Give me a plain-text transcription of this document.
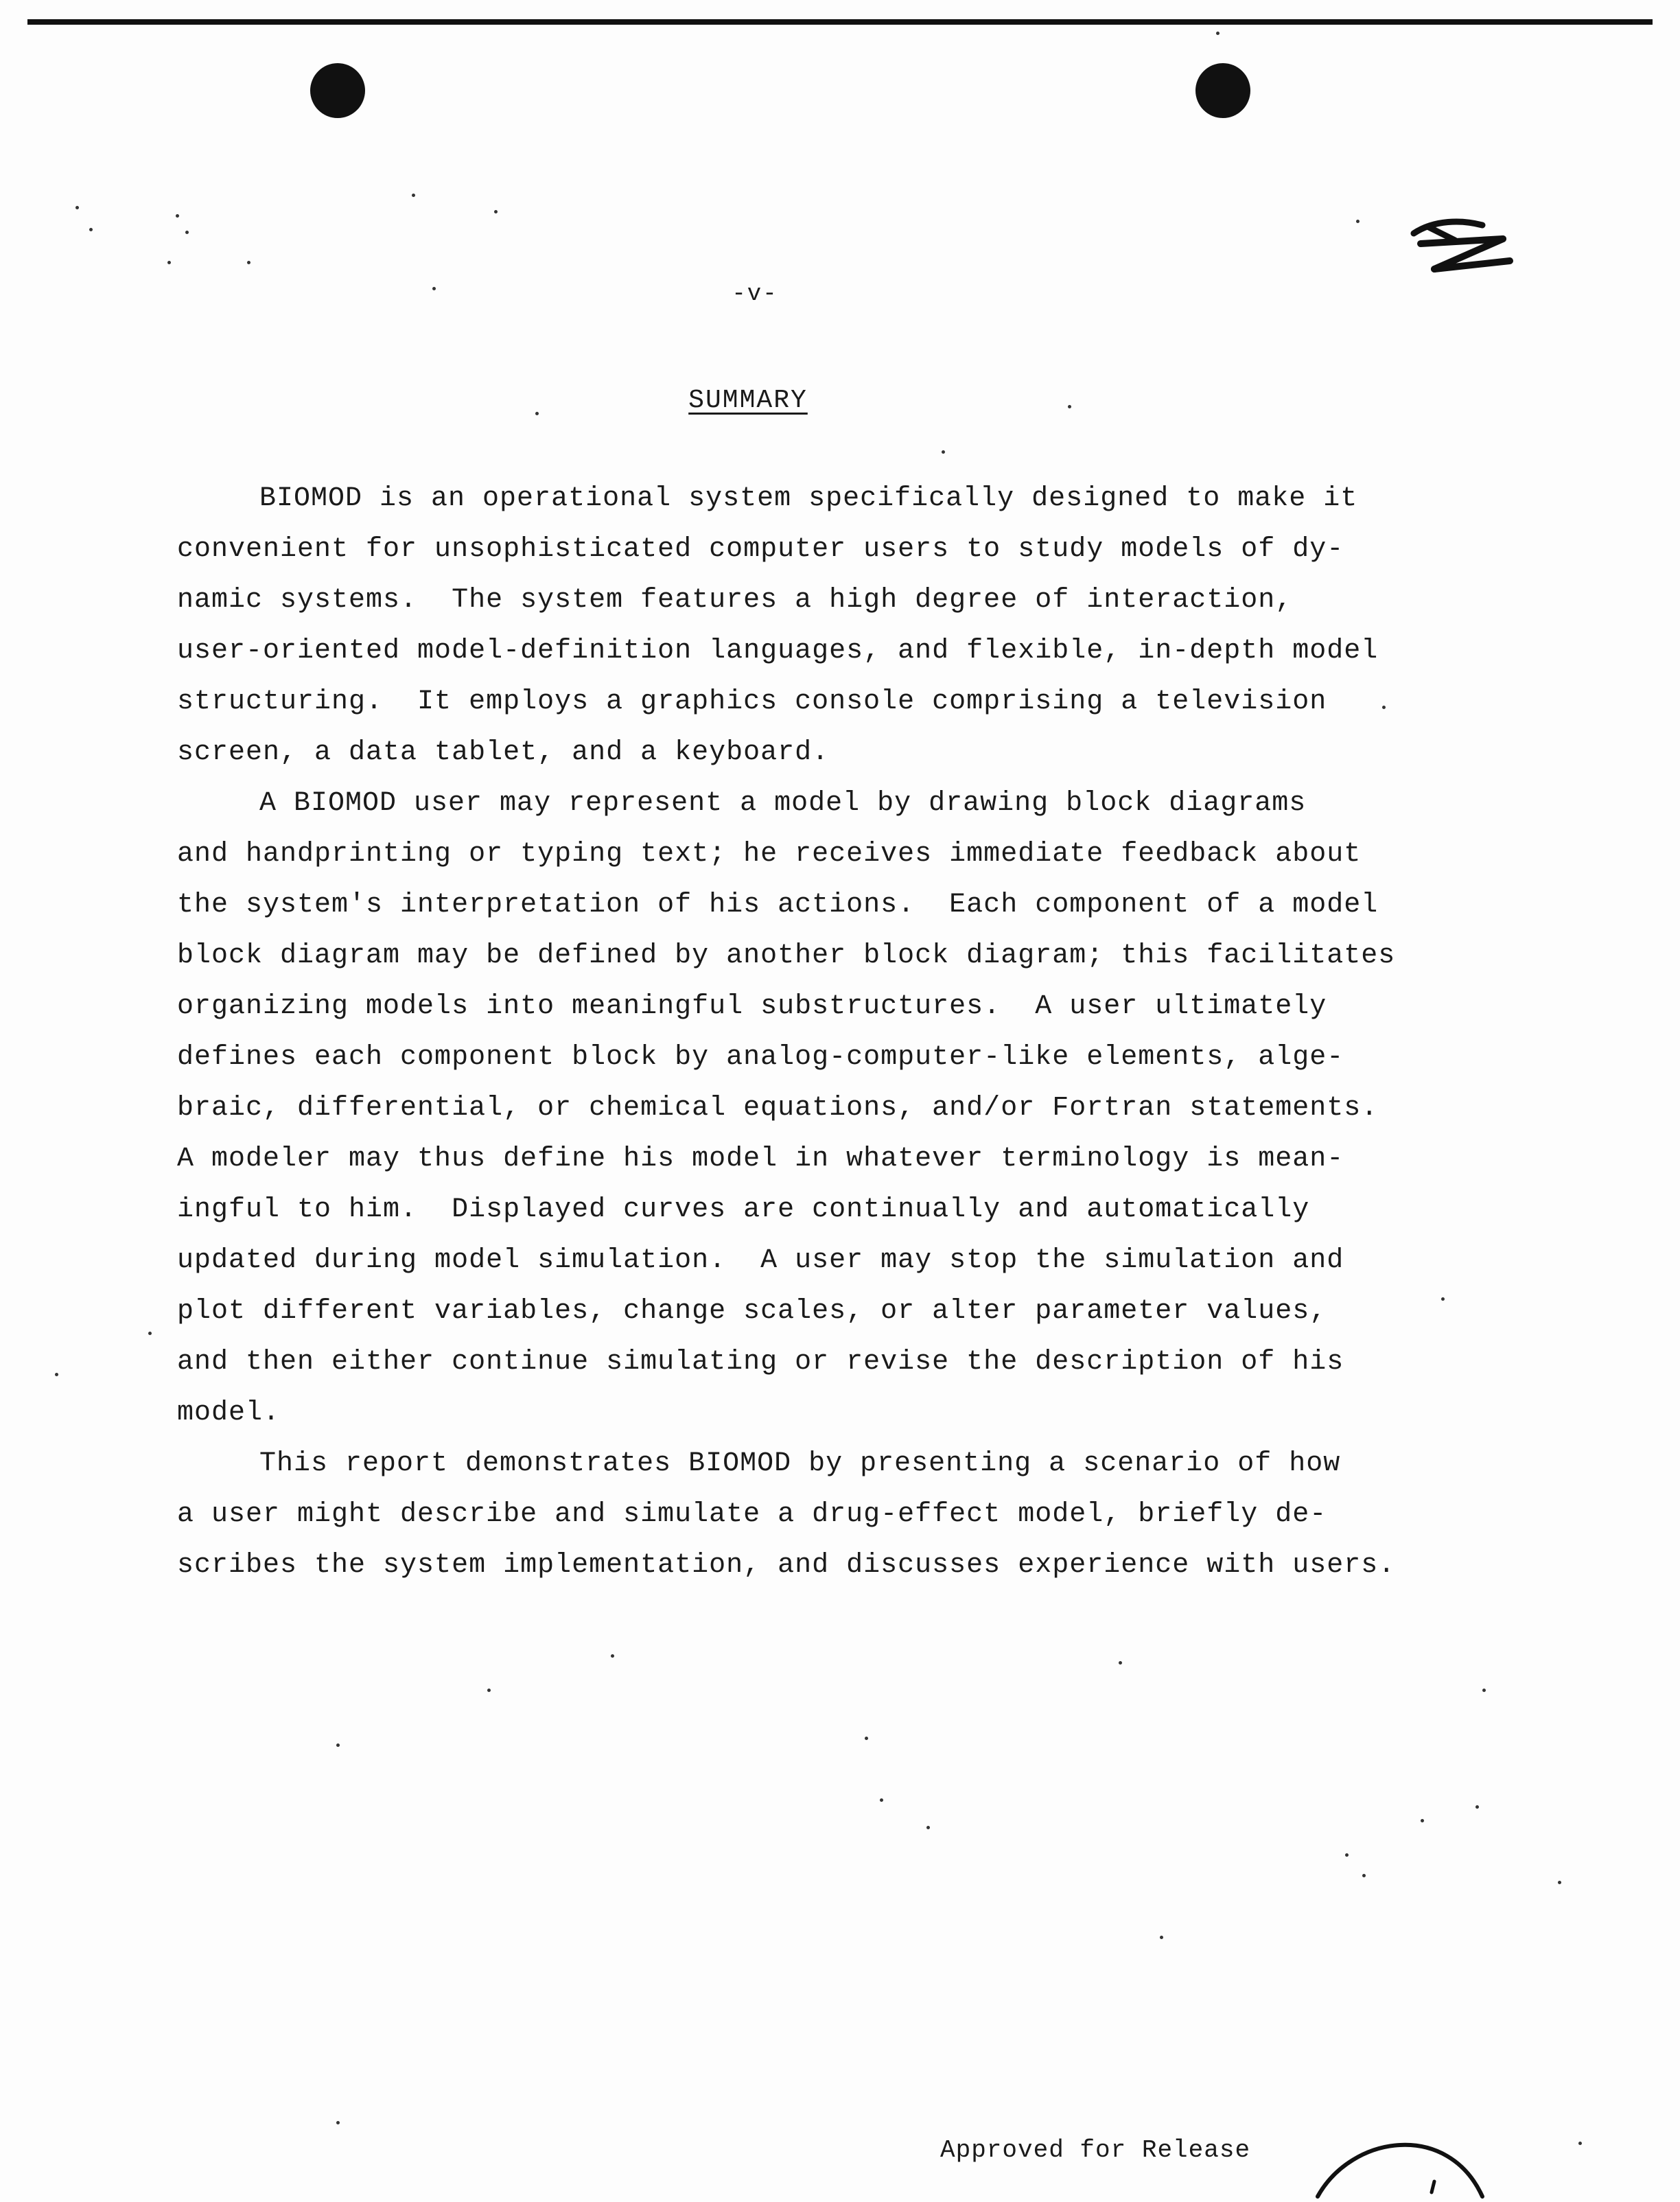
-v-
SUMMARY

BIOMOD is an operational system specifically designed to make it
convenient for unsophisticated computer users to study models of dy-
namic systems.  The system features a high degree of interaction,
user-oriented model-definition languages, and flexible, in-depth model
structuring.  It employs a graphics console comprising a television
screen, a data tablet, and a keyboard.

A BIOMOD user may represent a model by drawing block diagrams
and handprinting or typing text; he receives immediate feedback about
the system's interpretation of his actions.  Each component of a model
block diagram may be defined by another block diagram; this facilitates
organizing models into meaningful substructures.  A user ultimately
defines each component block by analog-computer-like elements, alge-
braic, differential, or chemical equations, and/or Fortran statements.
A modeler may thus define his model in whatever terminology is mean-
ingful to him.  Displayed curves are continually and automatically
updated during model simulation.  A user may stop the simulation and
plot different variables, change scales, or alter parameter values,
and then either continue simulating or revise the description of his
model.

This report demonstrates BIOMOD by presenting a scenario of how
a user might describe and simulate a drug-effect model, briefly de-
scribes the system implementation, and discusses experience with users.

Approved for Release
